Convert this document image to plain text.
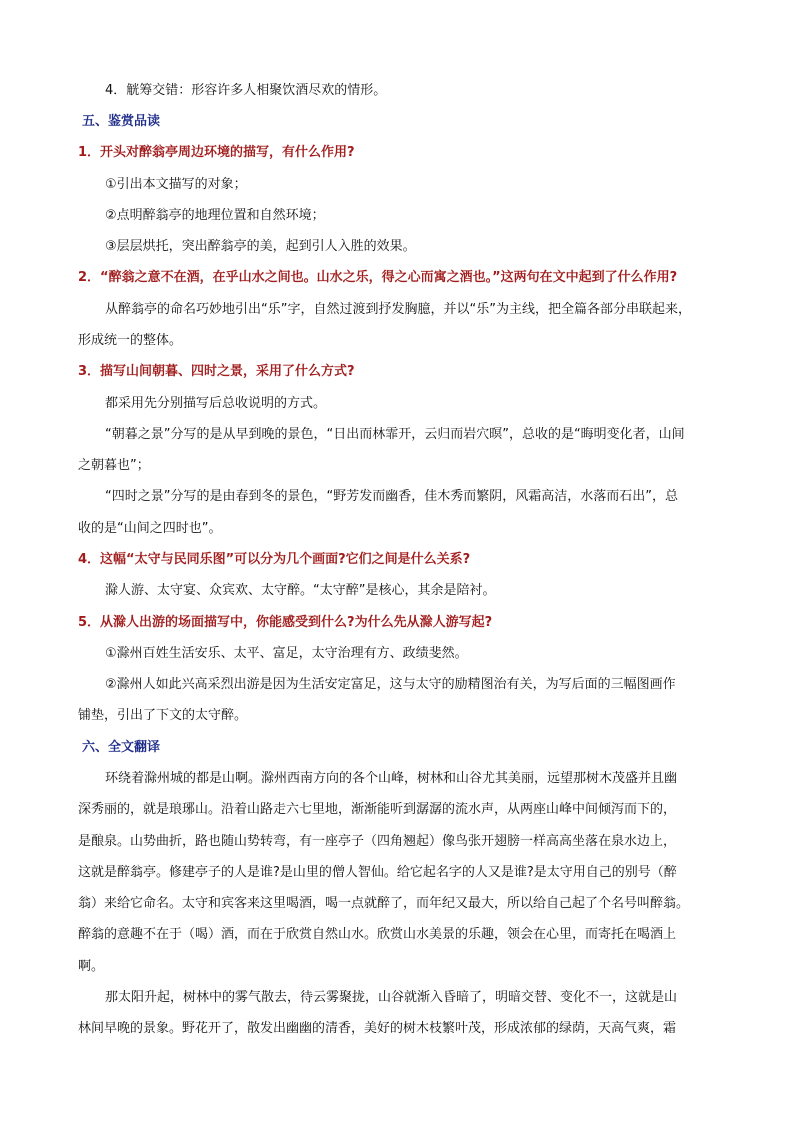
4．觥筹交错：形容许多人相聚饮酒尽欢的情形。
五、鉴赏品读
1．开头对醉翁亭周边环境的描写，有什么作用?
①引出本文描写的对象；
②点明醉翁亭的地理位置和自然环境；
③层层烘托，突出醉翁亭的美，起到引人入胜的效果。
2．“醉翁之意不在酒，在乎山水之间也。山水之乐，得之心而寓之酒也。”这两句在文中起到了什么作用?
从醉翁亭的命名巧妙地引出“乐”字，自然过渡到抒发胸臆，并以“乐”为主线，把全篇各部分串联起来，
形成统一的整体。
3．描写山间朝暮、四时之景，采用了什么方式?
都采用先分别描写后总收说明的方式。
“朝暮之景”分写的是从早到晚的景色，“日出而林霏开，云归而岩穴暝”，总收的是“晦明变化者，山间
之朝暮也”；
“四时之景”分写的是由春到冬的景色，“野芳发而幽香，佳木秀而繁阴，风霜高洁，水落而石出”，总
收的是“山间之四时也”。
4．这幅“太守与民同乐图”可以分为几个画面?它们之间是什么关系?
滁人游、太守宴、众宾欢、太守醉。“太守醉”是核心，其余是陪衬。
5．从滁人出游的场面描写中，你能感受到什么?为什么先从滁人游写起?
①滁州百姓生活安乐、太平、富足，太守治理有方、政绩斐然。
②滁州人如此兴高采烈出游是因为生活安定富足，这与太守的励精图治有关，为写后面的三幅图画作
铺垫，引出了下文的太守醉。
六、全文翻译
环绕着滁州城的都是山啊。滁州西南方向的各个山峰，树林和山谷尤其美丽，远望那树木茂盛并且幽
深秀丽的，就是琅琊山。沿着山路走六七里地，渐渐能听到潺潺的流水声，从两座山峰中间倾泻而下的，
是酿泉。山势曲折，路也随山势转弯，有一座亭子（四角翘起）像鸟张开翅膀一样高高坐落在泉水边上，
这就是醉翁亭。修建亭子的人是谁?是山里的僧人智仙。给它起名字的人又是谁?是太守用自己的别号（醉
翁）来给它命名。太守和宾客来这里喝酒，喝一点就醉了，而年纪又最大，所以给自己起了个名号叫醉翁。
醉翁的意趣不在于（喝）酒，而在于欣赏自然山水。欣赏山水美景的乐趣，领会在心里，而寄托在喝酒上
啊。
那太阳升起，树林中的雾气散去，待云雾聚拢，山谷就渐入昏暗了，明暗交替、变化不一，这就是山
林间早晚的景象。野花开了，散发出幽幽的清香，美好的树木枝繁叶茂，形成浓郁的绿荫，天高气爽，霜
